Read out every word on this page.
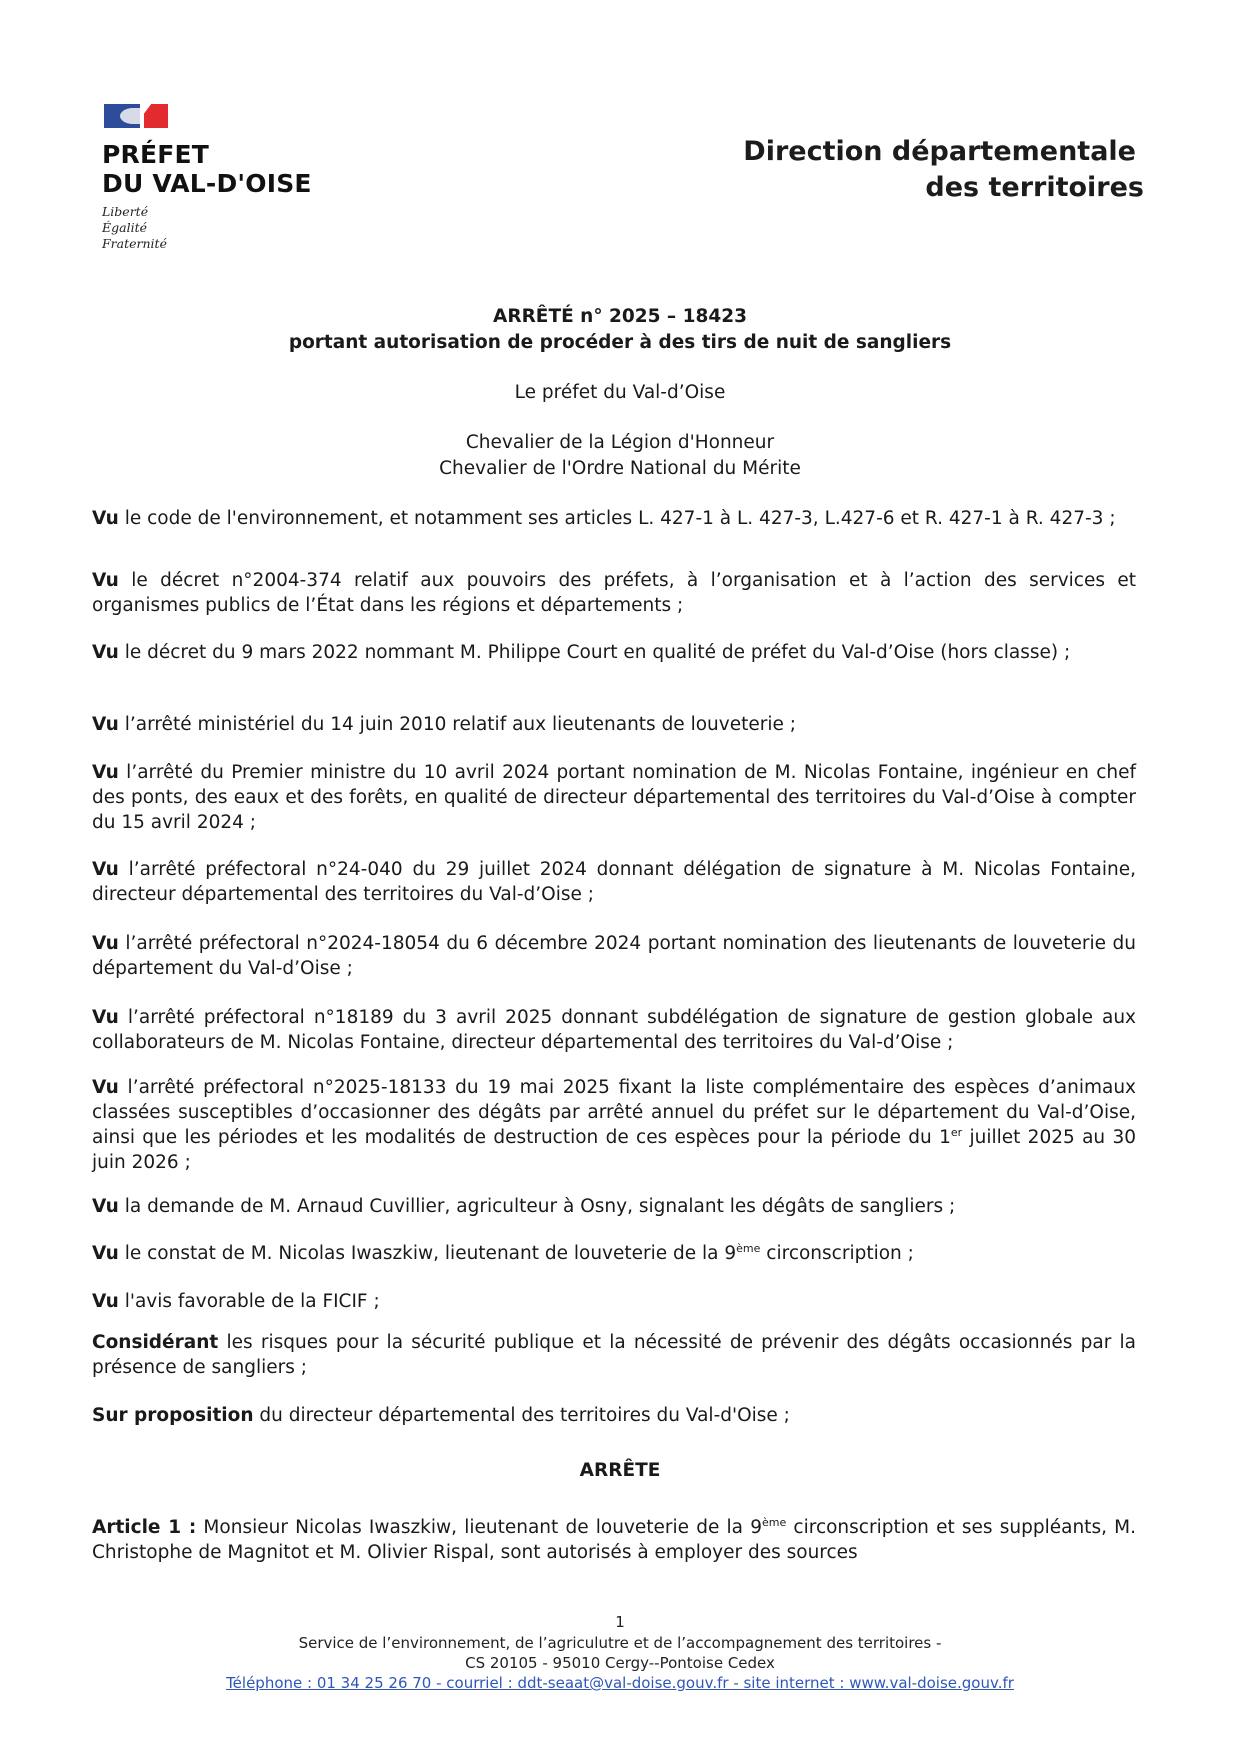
PRÉFET
DU VAL-D'OISE
Liberté
Égalité
Fraternité
Direction départementale
des territoires
ARRÊTÉ n° 2025 – 18423
portant autorisation de procéder à des tirs de nuit de sangliers
Le préfet du Val-d’Oise
Chevalier de la Légion d'Honneur
Chevalier de l'Ordre National du Mérite

Vu le code de l'environnement, et notamment ses articles L. 427-1 à L. 427-3, L.427-6 et R. 427-1 à R. 427-3 ;

Vu le décret n°2004-374 relatif aux pouvoirs des préfets, à l’organisation et à l’action des services et organismes publics de l’État dans les régions et départements ;

Vu le décret du 9 mars 2022 nommant M. Philippe Court en qualité de préfet du Val-d’Oise (hors classe) ;

Vu l’arrêté ministériel du 14 juin 2010 relatif aux lieutenants de louveterie ;

Vu l’arrêté du Premier ministre du 10 avril 2024 portant nomination de M. Nicolas Fontaine, ingénieur en chef des ponts, des eaux et des forêts, en qualité de directeur départemental des territoires du Val-d’Oise à compter du 15 avril 2024 ;

Vu l’arrêté préfectoral n°24-040 du 29 juillet 2024 donnant délégation de signature à M. Nicolas Fontaine, directeur départemental des territoires du Val-d’Oise ;

Vu l’arrêté préfectoral n°2024-18054 du 6 décembre 2024 portant nomination des lieutenants de louveterie du département du Val-d’Oise ;

Vu l’arrêté préfectoral n°18189 du 3 avril 2025 donnant subdélégation de signature de gestion globale aux collaborateurs de M. Nicolas Fontaine, directeur départemental des territoires du Val-d’Oise ;

Vu l’arrêté préfectoral n°2025-18133 du 19 mai 2025 fixant la liste complémentaire des espèces d’animaux classées susceptibles d’occasionner des dégâts par arrêté annuel du préfet sur le département du Val-d’Oise, ainsi que les périodes et les modalités de destruction de ces espèces pour la période du 1er juillet 2025 au 30 juin 2026 ;

Vu la demande de M. Arnaud Cuvillier, agriculteur à Osny, signalant les dégâts de sangliers ;

Vu le constat de M. Nicolas Iwaszkiw, lieutenant de louveterie de la 9ème circonscription ;

Vu l'avis favorable de la FICIF ;

Considérant les risques pour la sécurité publique et la nécessité de prévenir des dégâts occasionnés par la présence de sangliers ;

Sur proposition du directeur départemental des territoires du Val-d'Oise ;

ARRÊTE

Article 1 : Monsieur Nicolas Iwaszkiw, lieutenant de louveterie de la 9ème circonscription et ses suppléants, M. Christophe de Magnitot et M. Olivier Rispal, sont autorisés à employer des sources

1
Service de l’environnement, de l’agriculutre et de l’accompagnement des territoires -
CS 20105 - 95010 Cergy--Pontoise Cedex
Téléphone : 01 34 25 26 70 - courriel : ddt-seaat@val-doise.gouv.fr - site internet : www.val-doise.gouv.fr
